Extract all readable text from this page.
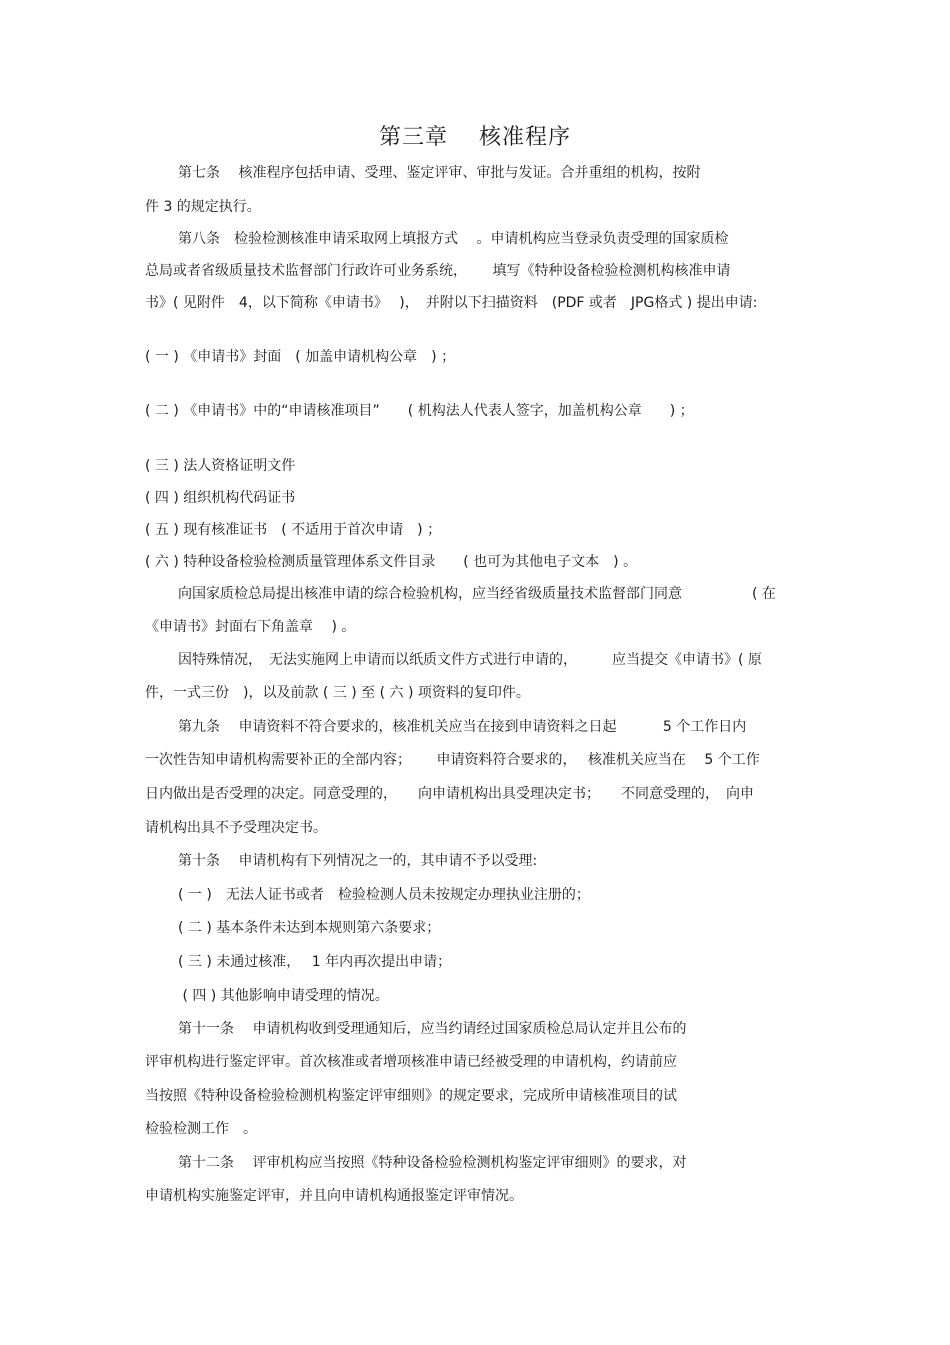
第三章　 核准程序
第七条　 核准程序包括申请、受理、鉴定评审、审批与发证。合并重组的机构，按附
件 3 的规定执行。
第八条　检验检测核准申请采取网上填报方式　 。申请机构应当登录负责受理的国家质检
总局或者省级质量技术监督部门行政许可业务系统，　　 填写《特种设备检验检测机构核准申请
书》( 见附件　4，以下简称《申请书》　 )，　并附以下扫描资料　(PDF 或者　JPG格式 ) 提出申请:
( 一 ) 《申请书》封面　( 加盖申请机构公章　) ；
( 二 ) 《申请书》中的“申请核准项目”　　( 机构法人代表人签字，加盖机构公章　　) ；
( 三 ) 法人资格证明文件
( 四 ) 组织机构代码证书
( 五 ) 现有核准证书　( 不适用于首次申请　) ；
( 六 ) 特种设备检验检测质量管理体系文件目录　　( 也可为其他电子文本　) 。
向国家质检总局提出核准申请的综合检验机构，应当经省级质量技术监督部门同意　　　　　( 在
《申请书》封面右下角盖章　 ) 。
因特殊情况，　无法实施网上申请而以纸质文件方式进行申请的，　　　应当提交《申请书》( 原
件，一式三份　)，以及前款 ( 三 ) 至 ( 六 ) 项资料的复印件。
第九条　 申请资料不符合要求的，核准机关应当在接到申请资料之日起　　　 5 个工作日内
一次性告知申请机构需要补正的全部内容；　　 申请资料符合要求的，　 核准机关应当在　 5 个工作
日内做出是否受理的决定。同意受理的，　　向申请机构出具受理决定书；　　不同意受理的，　向申
请机构出具不予受理决定书。
第十条　 申请机构有下列情况之一的，其申请不予以受理:
( 一 )　无法人证书或者　检验检测人员未按规定办理执业注册的；
( 二 ) 基本条件未达到本规则第六条要求；
( 三 ) 未通过核准，　 1 年内再次提出申请；
( 四 ) 其他影响申请受理的情况。
第十一条　 申请机构收到受理通知后，应当约请经过国家质检总局认定并且公布的
评审机构进行鉴定评审。首次核准或者增项核准申请已经被受理的申请机构，约请前应
当按照《特种设备检验检测机构鉴定评审细则》的规定要求，完成所申请核准项目的试
检验检测工作　。
第十二条　 评审机构应当按照《特种设备检验检测机构鉴定评审细则》的要求，对
申请机构实施鉴定评审，并且向申请机构通报鉴定评审情况。
